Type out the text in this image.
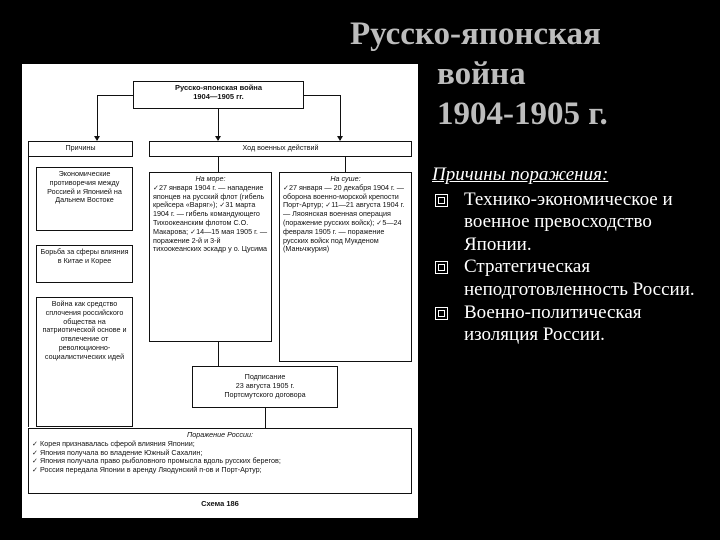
Русско-японская
война
1904-1905 г.
Русско-японская война
1904—1905 гг.
Причины	Ход военных действий
Экономические противоречия между Россией и Японией на Дальнем Востоке
Борьба за сферы влияния в Китае и Корее
Война как средство сплочения российского общества на патриотической основе и отвлечение от революционно-социалистических идей
На море:
✓27 января 1904 г. — нападение японцев на русский флот (гибель крейсера «Варяг»); ✓31 марта 1904 г. — гибель командующего Тихоокеанским флотом С.О. Макарова; ✓14—15 мая 1905 г. — поражение 2-й и 3-й тихоокеанских эскадр у о. Цусима
На суше:
✓27 января — 20 декабря 1904 г. — оборона военно-морской крепости Порт-Артур; ✓11—21 августа 1904 г. — Ляоянская военная операция (поражение русских войск); ✓5—24 февраля 1905 г. — поражение русских войск под Мукденом (Маньчжурия)
Подписание
23 августа 1905 г.
Портсмутского договора
Поражение России:
✓ Корея признавалась сферой влияния Японии;
✓ Япония получала во владение Южный Сахалин;
✓ Япония получала право рыболовного промысла вдоль русских берегов;
✓ Россия передала Японии в аренду Ляодунский п-ов и Порт-Артур;
Схема 186
Причины поражения:
Технико-экономическое и военное превосходство Японии.
Стратегическая неподготовленность России.
Военно-политическая изоляция России.
